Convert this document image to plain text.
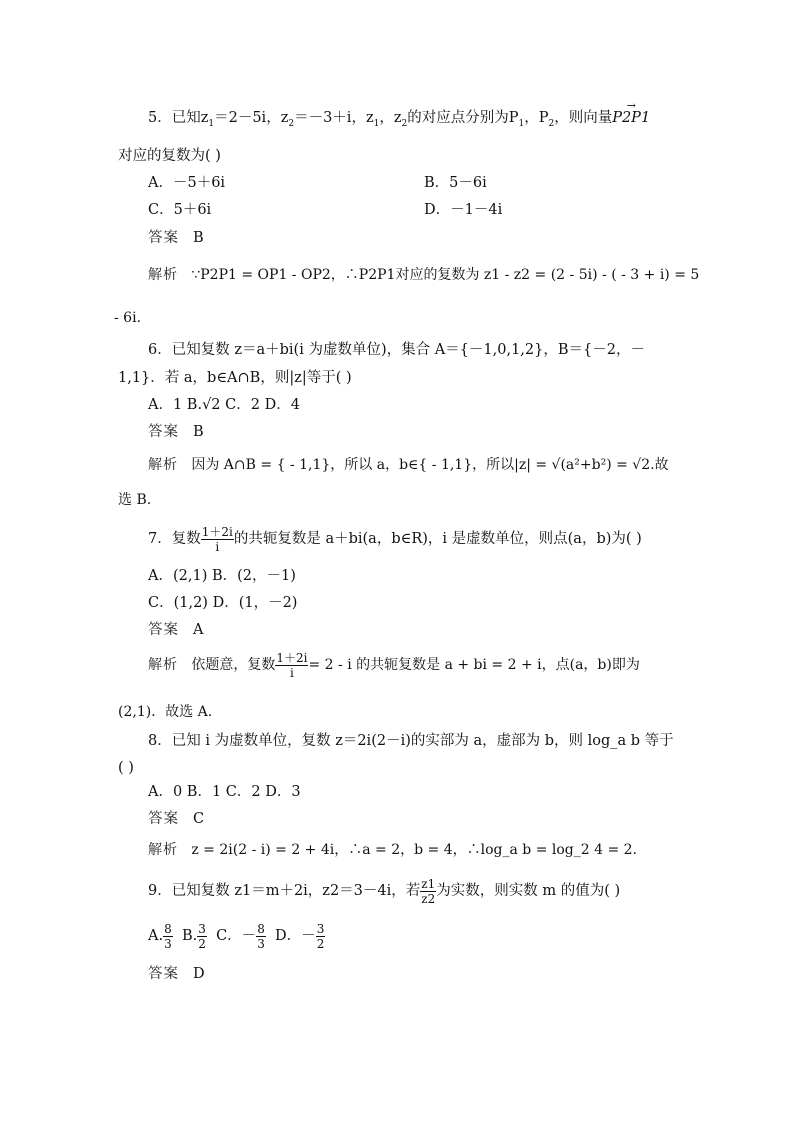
5．已知$z_1=2-5i$，$z_2=-3+i$，$z_1$，$z_2$的对应点分别为$P_1$，$P_2$，则向量→ P2P1
对应的复数为( )
A．－5＋6i	B．5－6i
C．5＋6i	D．－1－4i
答案 B
解析 ∵P2P1 = OP1 - OP2，∴P2P1对应的复数为 z1 - z2 = (2 - 5i) - ( - 3 + i) = 5
- 6i.
6．已知复数 z＝a＋bi(i 为虚数单位)，集合 A＝{－1,0,1,2}，B＝{－2，－
1,1}．若 a，b∈A∩B，则|z|等于( )
A．1 B.√2 C．2 D．4
答案 B
解析 因为 A∩B = { - 1,1}，所以 a，b∈{ - 1,1}，所以|z| = √(a²+b²) = √2.故
选 B.
7．复数 $\frac{1+2i}{i}$ 的共轭复数是 a＋bi(a，b∈R)，i 是虚数单位，则点(a，b)为( )
A．(2,1) B．(2，－1)
C．(1,2) D．(1，－2)
答案 A
解析 依题意，复数 $\frac{1+2i}{i} = 2 - i$ 的共轭复数是 a + bi = 2 + i，点(a，b)即为
(2,1)．故选 A.
8．已知 i 为虚数单位，复数 z＝2i(2－i)的实部为 a，虚部为 b，则 log_a b 等于
( )
A．0 B．1 C．2 D．3
答案 C
解析 z = 2i(2 - i) = 2 + 4i，∴a = 2，b = 4，∴log_a b = log_2 4 = 2.
9．已知复数 z1＝m＋2i，z2＝3－4i，若 $\frac{z1}{z2}$ 为实数，则实数 m 的值为( )
A. $\frac{8}{3} B$. $\frac{3}{2}$ C．－ $\frac{8}{3}$ D．－ $\frac{3}{2}$
答案 D
